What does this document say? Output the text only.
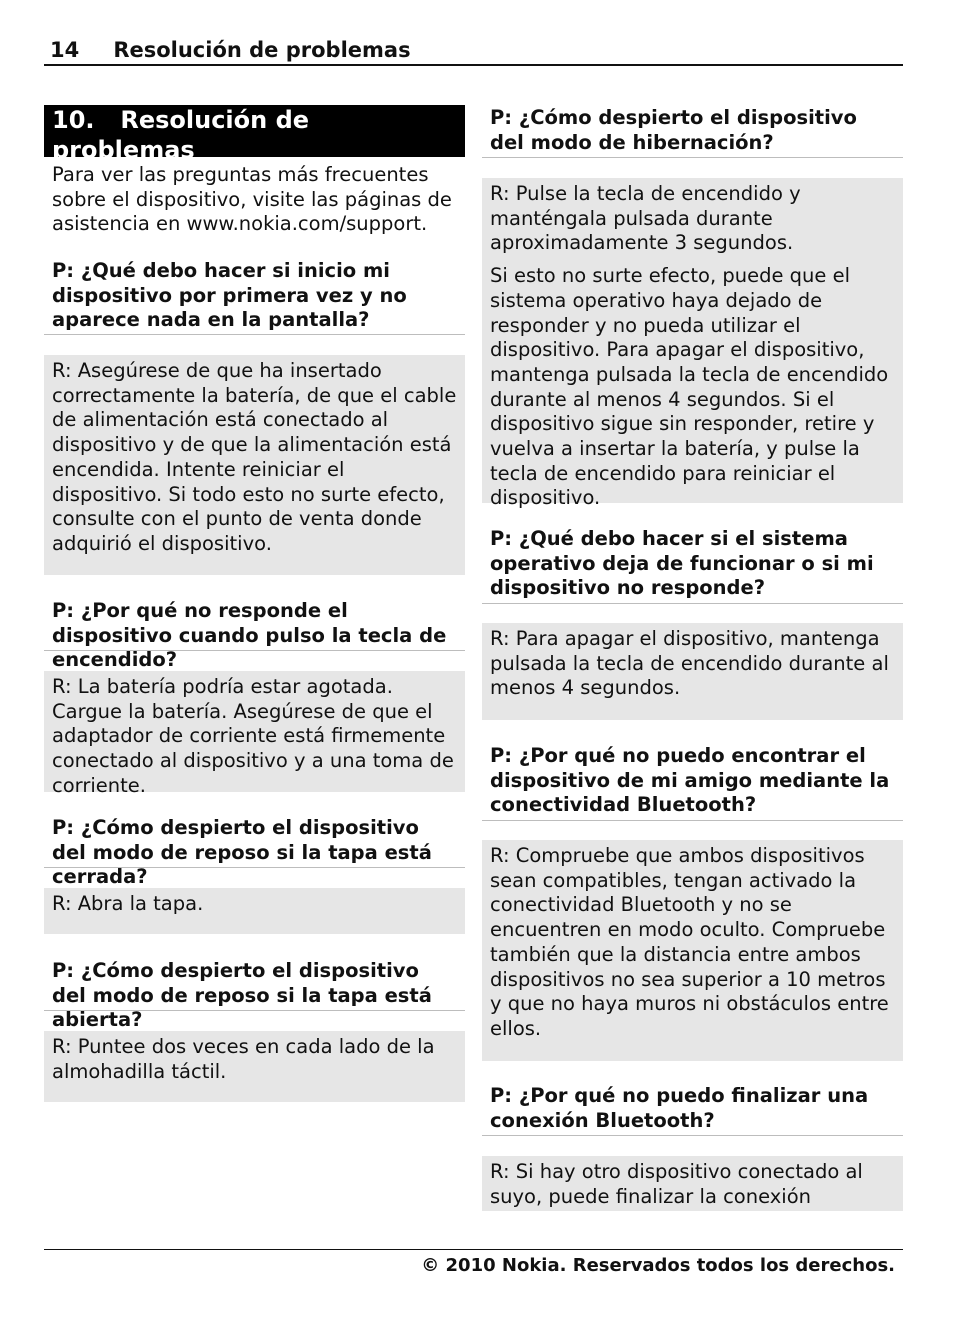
14 Resolución de problemas
10. Resolución de problemas
Para ver las preguntas más frecuentes sobre el dispositivo, visite las páginas de asistencia en www.nokia.com/support.
P: ¿Qué debo hacer si inicio mi dispositivo por primera vez y no aparece nada en la pantalla?

R: Asegúrese de que ha insertado correctamente la batería, de que el cable de alimentación está conectado al dispositivo y de que la alimentación está encendida. Intente reiniciar el dispositivo. Si todo esto no surte efecto, consulte con el punto de venta donde adquirió el dispositivo.

P: ¿Por qué no responde el dispositivo cuando pulso la tecla de encendido?

R: La batería podría estar agotada. Cargue la batería. Asegúrese de que el adaptador de corriente está firmemente conectado al dispositivo y a una toma de corriente.

P: ¿Cómo despierto el dispositivo del modo de reposo si la tapa está cerrada?

R: Abra la tapa.

P: ¿Cómo despierto el dispositivo del modo de reposo si la tapa está abierta?

R: Puntee dos veces en cada lado de la almohadilla táctil.

P: ¿Cómo despierto el dispositivo del modo de hibernación?

R: Pulse la tecla de encendido y manténgala pulsada durante aproximadamente 3 segundos.

Si esto no surte efecto, puede que el sistema operativo haya dejado de responder y no pueda utilizar el dispositivo. Para apagar el dispositivo, mantenga pulsada la tecla de encendido durante al menos 4 segundos. Si el dispositivo sigue sin responder, retire y vuelva a insertar la batería, y pulse la tecla de encendido para reiniciar el dispositivo.

P: ¿Qué debo hacer si el sistema operativo deja de funcionar o si mi dispositivo no responde?

R: Para apagar el dispositivo, mantenga pulsada la tecla de encendido durante al menos 4 segundos.

P: ¿Por qué no puedo encontrar el dispositivo de mi amigo mediante la conectividad Bluetooth?

R: Compruebe que ambos dispositivos sean compatibles, tengan activado la conectividad Bluetooth y no se encuentren en modo oculto. Compruebe también que la distancia entre ambos dispositivos no sea superior a 10 metros y que no haya muros ni obstáculos entre ellos.

P: ¿Por qué no puedo finalizar una conexión Bluetooth?

R: Si hay otro dispositivo conectado al suyo, puede finalizar la conexión

© 2010 Nokia. Reservados todos los derechos.
